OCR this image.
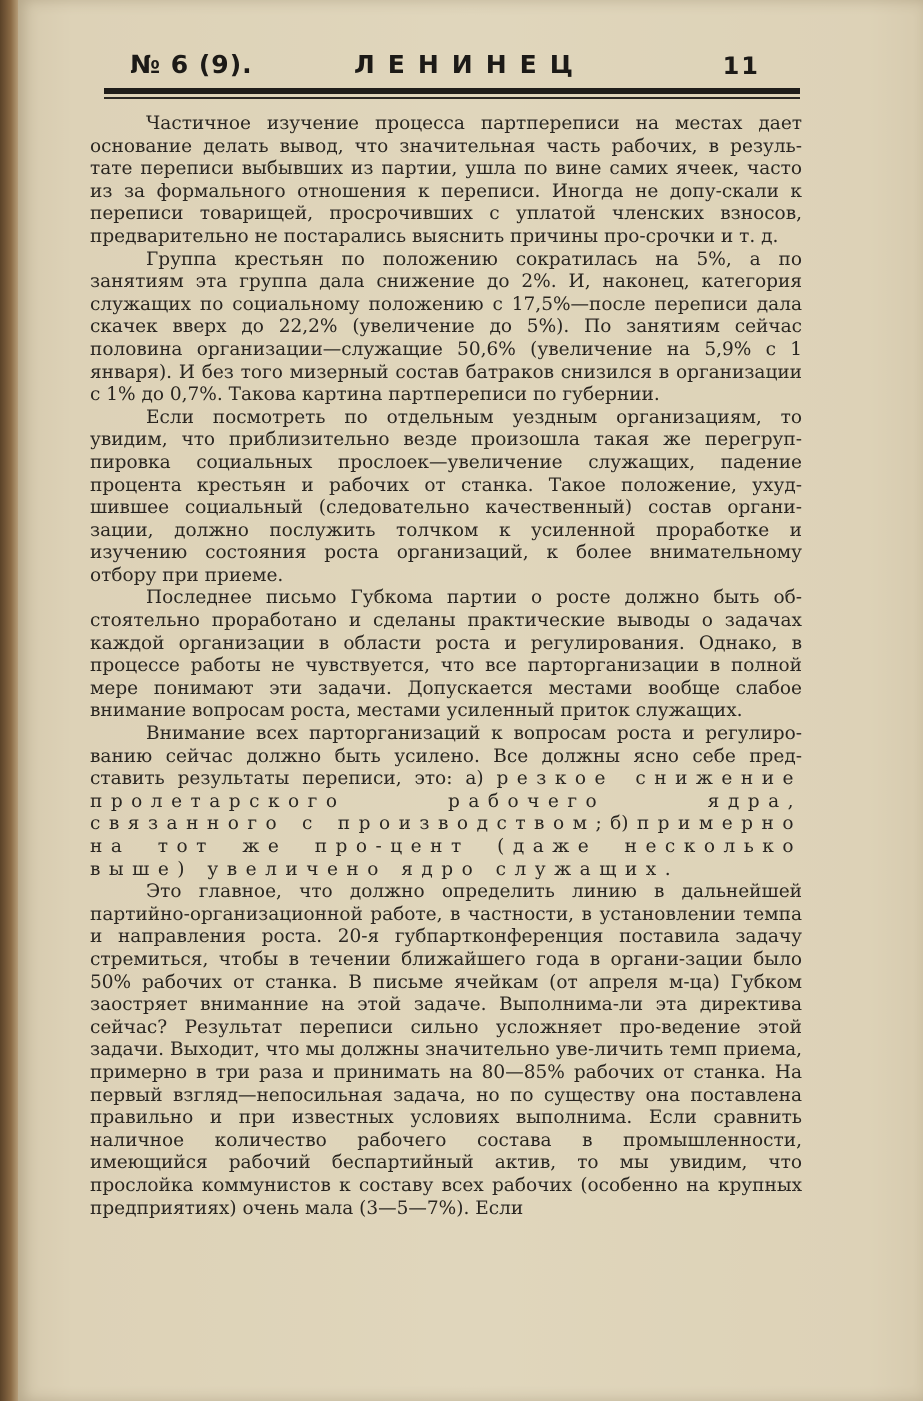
№ 6 (9).	ЛЕНИНЕЦ	11

Частичное изучение процесса партпереписи на местах дает основание делать вывод, что значительная часть рабочих, в резуль-тате переписи выбывших из партии, ушла по вине самих ячеек, часто из за формального отношения к переписи. Иногда не допу-скали к переписи товарищей, просрочивших с уплатой членских взносов, предварительно не постарались выяснить причины про-срочки и т. д.

Группа крестьян по положению сократилась на 5%, а по занятиям эта группа дала снижение до 2%. И, наконец, категория служащих по социальному положению с 17,5%—после переписи дала скачек вверх до 22,2% (увеличение до 5%). По занятиям сейчас половина организации—служащие 50,6% (увеличение на 5,9% с 1 января). И без того мизерный состав батраков снизился в организации с 1% до 0,7%. Такова картина партпереписи по губернии.

Если посмотреть по отдельным уездным организациям, то увидим, что приблизительно везде произошла такая же перегруп-пировка социальных прослоек—увеличение служащих, падение процента крестьян и рабочих от станка. Такое положение, ухуд-шившее социальный (следовательно качественный) состав органи-зации, должно послужить толчком к усиленной проработке и изучению состояния роста организаций, к более внимательному отбору при приеме.

Последнее письмо Губкома партии о росте должно быть об-стоятельно проработано и сделаны практические выводы о задачах каждой организации в области роста и регулирования. Однако, в процессе работы не чувствуется, что все парторганизации в полной мере понимают эти задачи. Допускается местами вообще слабое внимание вопросам роста, местами усиленный приток служащих.

Внимание всех парторганизаций к вопросам роста и регулиро-ванию сейчас должно быть усилено. Все должны ясно себе пред-ставить результаты переписи, это: а) резкое снижение пролетарского рабочего ядра, связанного с производством; б) примерно на тот же про-цент (даже несколько выше) увеличено ядро служащих.

Это главное, что должно определить линию в дальнейшей партийно-организационной работе, в частности, в установлении темпа и направления роста. 20-я губпартконференция поставила задачу стремиться, чтобы в течении ближайшего года в органи-зации было 50% рабочих от станка. В письме ячейкам (от апреля м-ца) Губком заостряет вниманние на этой задаче. Выполнима-ли эта директива сейчас? Результат переписи сильно усложняет про-ведение этой задачи. Выходит, что мы должны значительно уве-личить темп приема, примерно в три раза и принимать на 80—85% рабочих от станка. На первый взгляд—непосильная задача, но по существу она поставлена правильно и при известных условиях выполнима. Если сравнить наличное количество рабочего состава в промышленности, имеющийся рабочий беспартийный актив, то мы увидим, что прослойка коммунистов к составу всех рабочих (особенно на крупных предприятиях) очень мала (3—5—7%). Если
